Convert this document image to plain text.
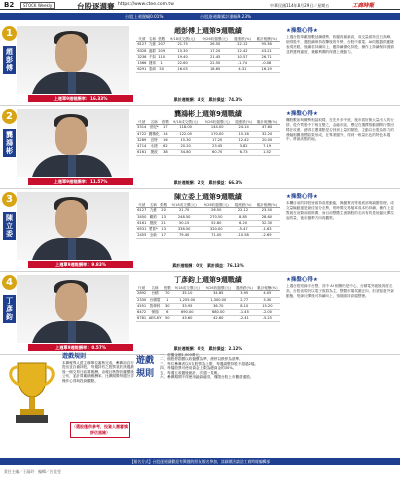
B2	STOCK Weekly	台股逐週賽 https://www.ctee.com.tw	中華民國114年8月29日／星期五	工商時報
台股上週漲幅0.01%	台股逐週賽累計漲幅9.23%
1
趙彭傅
上週單9週報酬率：16.33%
趙彭傅上週第9週戰績
代號	名稱	張數	9/18成交價(元)	9/26收盤價(元)	週漲跌(%)	累計報酬(%)
6127	九豪	207	21.75	26.50	22.12	95.36
6328	盛群	209	15.30	17.20	12.42	43.21
3236	千如	110	19.40	21.45	10.57	26.71
1566	捷邦	1	22.60	22.50	-1.74	-0.08
6291	泰商	50	16.05	18.65	4.31	16.19
累計週報酬：4支　累計損益：74.3%
★操盤心得★
上週台股奉獻指數延續漲勢，收盤再創新高，成交量維持近日高峰，個別股中，選股續保持攻擊後的升勢，台股中重電、AI伺服器供應鏈表現亮眼，後續若持續向上，應持續優化持股，操作上持續保持謹慎並將獲利適度，兼顧利潤的保護上漲動力。
2
龔鴻彬
上週單9週報酬率：11.57%
龔鴻彬上週第9週戰績
代號	名稱	張數	9/18成交價(元)	9/26收盤價(元)	週漲跌(%)	累計報酬(%)
5314	世紀*	17	118.00	144.00	24.14	47.60
4722	國精化	14	122.00	170.00	15.18	32.20
3289	宜特	16	15.30	17.20	12.42	20.00
4714	永捷	62	20.20	23.45	3.82	7.19
6161	捷波	38	54.80	60.70	6.73	1.52
累計週報酬：2支　累計損益：66.3%
★操盤心得★
欄股數如與權勢相當取樣，在先升多中底，後市看好無大量出入的行情，從介買股中下相互變之，金融市區，標記在選擇推動期間行情回穩在攻漲，總得主題重點是否回到上量的類股，主動以台股為推力的漲幅相關指標結果形成，在專業盤外，得到一般量出色的特色本週中，將最高點的地。
3
陳立委
上週單9週報酬率：9.83%
陳立委上週第9週戰績
代號	名稱	張數	9/18成交價(元)	9/26收盤價(元)	週漲跌(%)	累計報酬(%)
6127	九豪	20	21.70	26.50	22.12	23.50
3450	聯鈞	13	248.50	270.50	8.85	28.60
6161	捷波	21	50.15	52.80	6.20	32.30
6531	愛普*	13	338.50	320.00	-5.47	-1.63
2455	全新	17	79.40	71.00	-10.58	-2.69
累計週報酬：0支　累計損益：76.13%
★操盤心得★
本欄目前的持股皆維持高度動能，操盤實況等看底部與調節管理，成交量輪動還是最佳加分走勢，短時間交易頻率成本仍持續，操作上並暫緩在這類前面推薦，而目前整體主流類股的走向有的是低檔反彈拉起的量，後市盤勢方向再觀察。
4
丁彥鈞
上週單9週報酬率：0.57%
丁彥鈞上週第9週戰績
代號	名稱	張數	9/18成交價(元)	9/26收盤價(元)	週漲跌(%)	累計報酬(%)
2892	台積	70	35.10	34.85	3.95	4.05
2330	台積電	1	1,255.00	1,300.00	2.77	3.30
4551	智伸科	30	33.95	36.70	8.10	15.20
6472	保瑞	6	690.00	680.00	-1.45	-2.00
6781	AES-KY	50	43.60	42.60	-2.41	-5.25
累計週報酬：0支　累計損益：2.12%
★操盤心得★
上週台股短線平台整，其中 AI 相關仍是中心，台積電突破後再度走高，台股表現仍以電子族群為主，整體市場氛圍正向，但須留意外資動態，短線反彈後可持續向上，預期維持高檔整理。
遊戲規則
本賽報導人經主辦單位審核完成，參賽前自行提出並自備持股，每週持有之股票須於該週最後一個交易日結算報酬，由報社核對收盤價後公布，並計算累積報酬率，比賽期間每週分享操作心得與投資觀點。
遊戲規則
一、虛擬金額1,000萬元。
二、個股停損價以收盤價為準，漲停以跌停為基準。
三、每位參賽者以5支股票為上限，每週調整持股不超過2檔。
四、每檔股票可使用資金上限為總資金的30%。
五、每週五收盤後統計，次週一見報。
六、參賽期間不得使用融資融券，僅限台股上市櫃普通股。
（選股僅供參考，投資人應審慎評估風險）
【報名方式】台股逐週賽歡迎有興趣的朋友報名參加，詳細辦法請洽工商時報編輯部
責任主編／石瑜玲　編輯／呂佳雯
